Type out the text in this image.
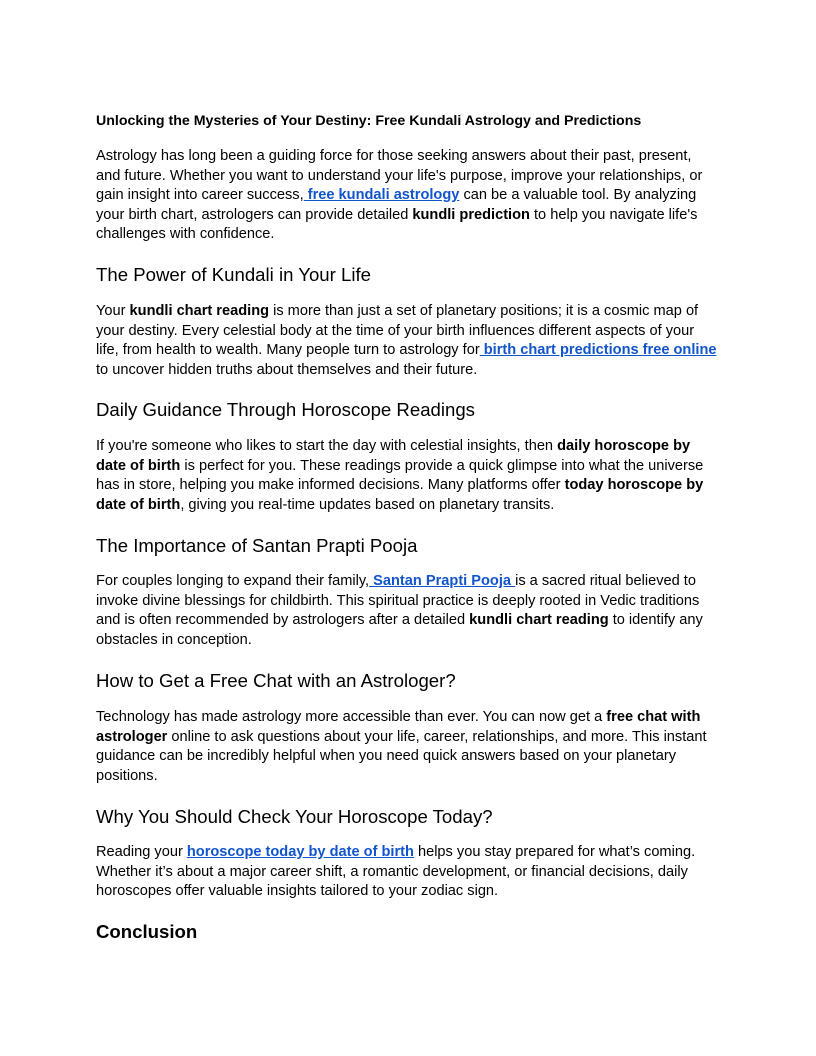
Unlocking the Mysteries of Your Destiny: Free Kundali Astrology and Predictions
Astrology has long been a guiding force for those seeking answers about their past, present,
and future. Whether you want to understand your life's purpose, improve your relationships, or
gain insight into career success, free kundali astrology can be a valuable tool. By analyzing
your birth chart, astrologers can provide detailed kundli prediction to help you navigate life's
challenges with confidence.
The Power of Kundali in Your Life
Your kundli chart reading is more than just a set of planetary positions; it is a cosmic map of
your destiny. Every celestial body at the time of your birth influences different aspects of your
life, from health to wealth. Many people turn to astrology for birth chart predictions free online
to uncover hidden truths about themselves and their future.
Daily Guidance Through Horoscope Readings
If you're someone who likes to start the day with celestial insights, then daily horoscope by
date of birth is perfect for you. These readings provide a quick glimpse into what the universe
has in store, helping you make informed decisions. Many platforms offer today horoscope by
date of birth, giving you real-time updates based on planetary transits.
The Importance of Santan Prapti Pooja
For couples longing to expand their family, Santan Prapti Pooja is a sacred ritual believed to
invoke divine blessings for childbirth. This spiritual practice is deeply rooted in Vedic traditions
and is often recommended by astrologers after a detailed kundli chart reading to identify any
obstacles in conception.
How to Get a Free Chat with an Astrologer?
Technology has made astrology more accessible than ever. You can now get a free chat with
astrologer online to ask questions about your life, career, relationships, and more. This instant
guidance can be incredibly helpful when you need quick answers based on your planetary
positions.
Why You Should Check Your Horoscope Today?
Reading your horoscope today by date of birth helps you stay prepared for what’s coming.
Whether it’s about a major career shift, a romantic development, or financial decisions, daily
horoscopes offer valuable insights tailored to your zodiac sign.
Conclusion
